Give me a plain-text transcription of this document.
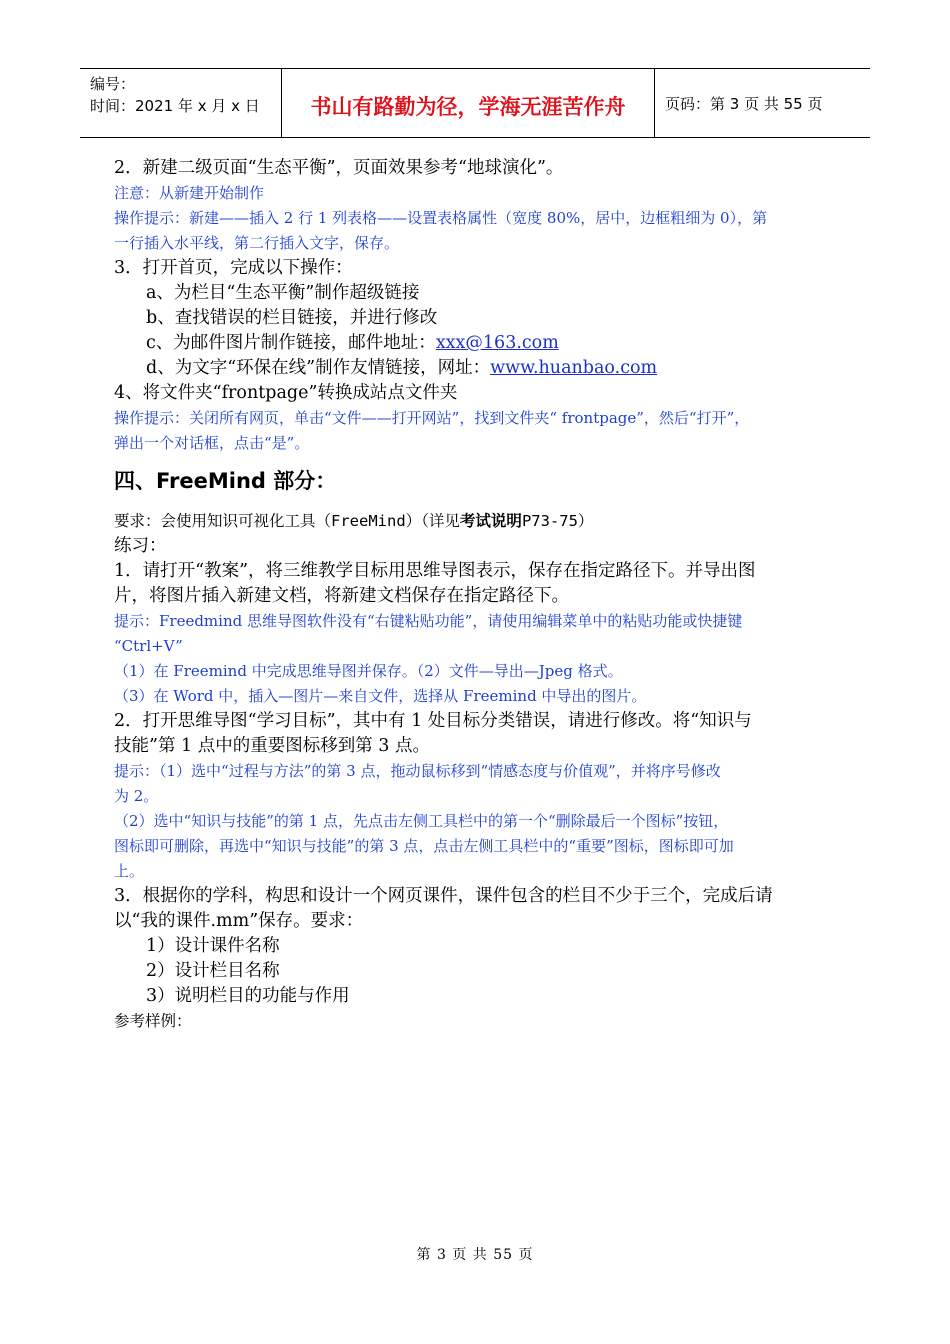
编号：
时间：2021 年 x 月 x 日	书山有路勤为径，学海无涯苦作舟	页码：第 3 页 共 55 页
2．新建二级页面“生态平衡”，页面效果参考“地球演化”。
注意：从新建开始制作
操作提示：新建——插入 2 行 1 列表格——设置表格属性（宽度 80%，居中，边框粗细为 0），第
一行插入水平线，第二行插入文字，保存。
3．打开首页，完成以下操作：
a、为栏目“生态平衡”制作超级链接
b、查找错误的栏目链接，并进行修改
c、为邮件图片制作链接，邮件地址：xxx@163.com
d、为文字“环保在线”制作友情链接，网址：www.huanbao.com
4、将文件夹“frontpage”转换成站点文件夹
操作提示：关闭所有网页，单击“文件——打开网站”，找到文件夹“ frontpage”，然后“打开”，
弹出一个对话框，点击“是”。
四、FreeMind 部分：
要求：会使用知识可视化工具（FreeMind）（详见考试说明P73-75）
练习：
1．请打开“教案”，将三维教学目标用思维导图表示，保存在指定路径下。并导出图
片，将图片插入新建文档，将新建文档保存在指定路径下。
提示：Freedmind 思维导图软件没有“右键粘贴功能”，请使用编辑菜单中的粘贴功能或快捷键
“Ctrl+V”
（1）在 Freemind 中完成思维导图并保存。（2）文件—导出—Jpeg 格式。
（3）在 Word 中，插入—图片—来自文件，选择从 Freemind 中导出的图片。
2．打开思维导图“学习目标”，其中有 1 处目标分类错误，请进行修改。将“知识与
技能”第 1 点中的重要图标移到第 3 点。
提示：（1）选中“过程与方法”的第 3 点，拖动鼠标移到“情感态度与价值观”，并将序号修改
为 2。
（2）选中“知识与技能”的第 1 点，先点击左侧工具栏中的第一个“删除最后一个图标”按钮，
图标即可删除，再选中“知识与技能”的第 3 点，点击左侧工具栏中的“重要”图标，图标即可加
上。
3．根据你的学科，构思和设计一个网页课件，课件包含的栏目不少于三个，完成后请
以“我的课件.mm”保存。要求：
1）设计课件名称
2）设计栏目名称
3）说明栏目的功能与作用
参考样例：
第 3 页 共 55 页
